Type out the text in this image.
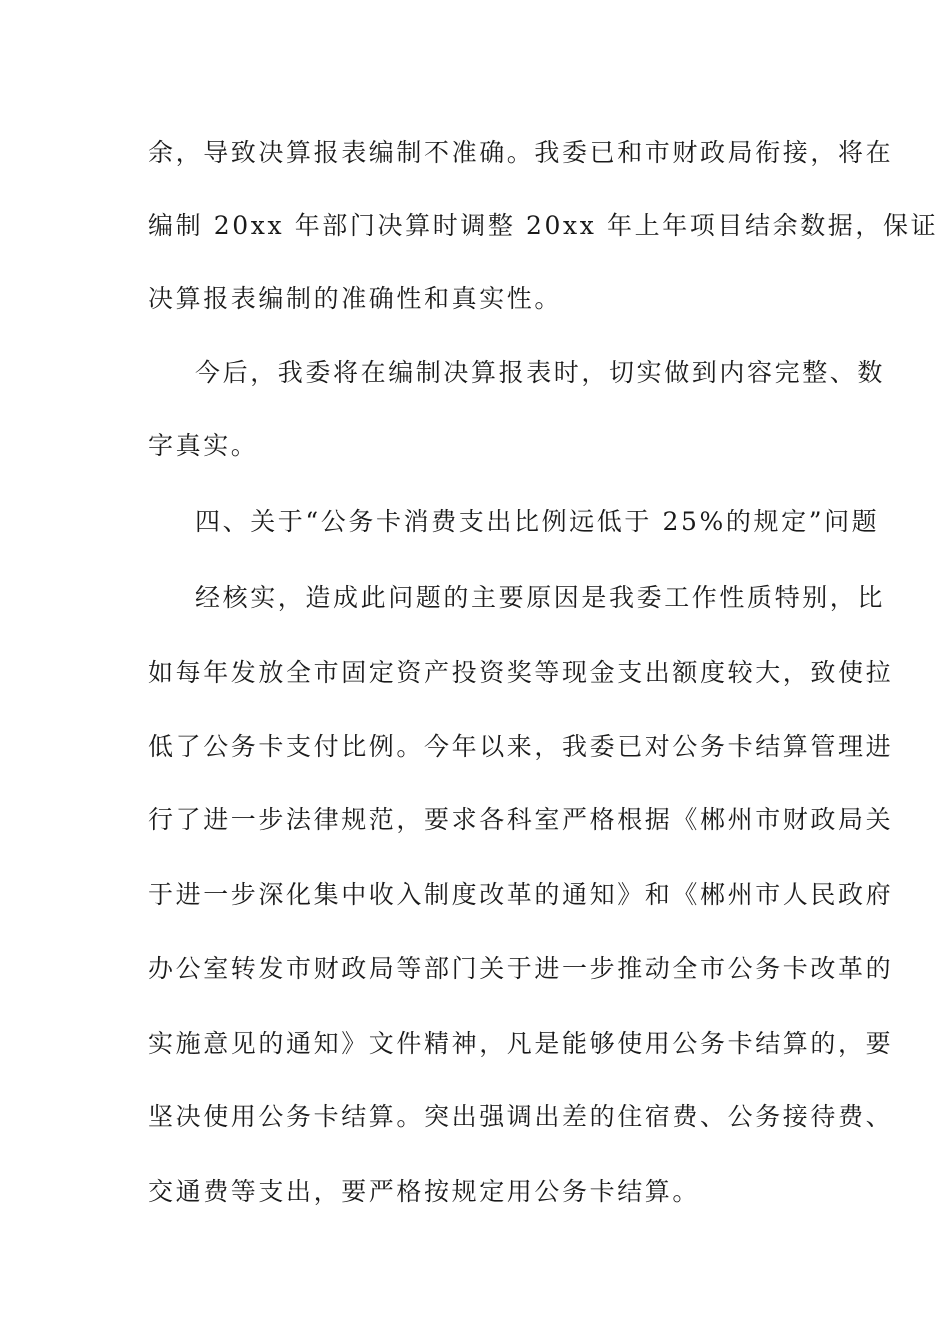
余，导致决算报表编制不准确。我委已和市财政局衔接，将在
编制 20xx 年部门决算时调整 20xx 年上年项目结余数据，保证
决算报表编制的准确性和真实性。
今后，我委将在编制决算报表时，切实做到内容完整、数
字真实。
四、关于“公务卡消费支出比例远低于 25%的规定”问题
经核实，造成此问题的主要原因是我委工作性质特别，比
如每年发放全市固定资产投资奖等现金支出额度较大，致使拉
低了公务卡支付比例。今年以来，我委已对公务卡结算管理进
行了进一步法律规范，要求各科室严格根据《郴州市财政局关
于进一步深化集中收入制度改革的通知》和《郴州市人民政府
办公室转发市财政局等部门关于进一步推动全市公务卡改革的
实施意见的通知》文件精神，凡是能够使用公务卡结算的，要
坚决使用公务卡结算。突出强调出差的住宿费、公务接待费、
交通费等支出，要严格按规定用公务卡结算。
